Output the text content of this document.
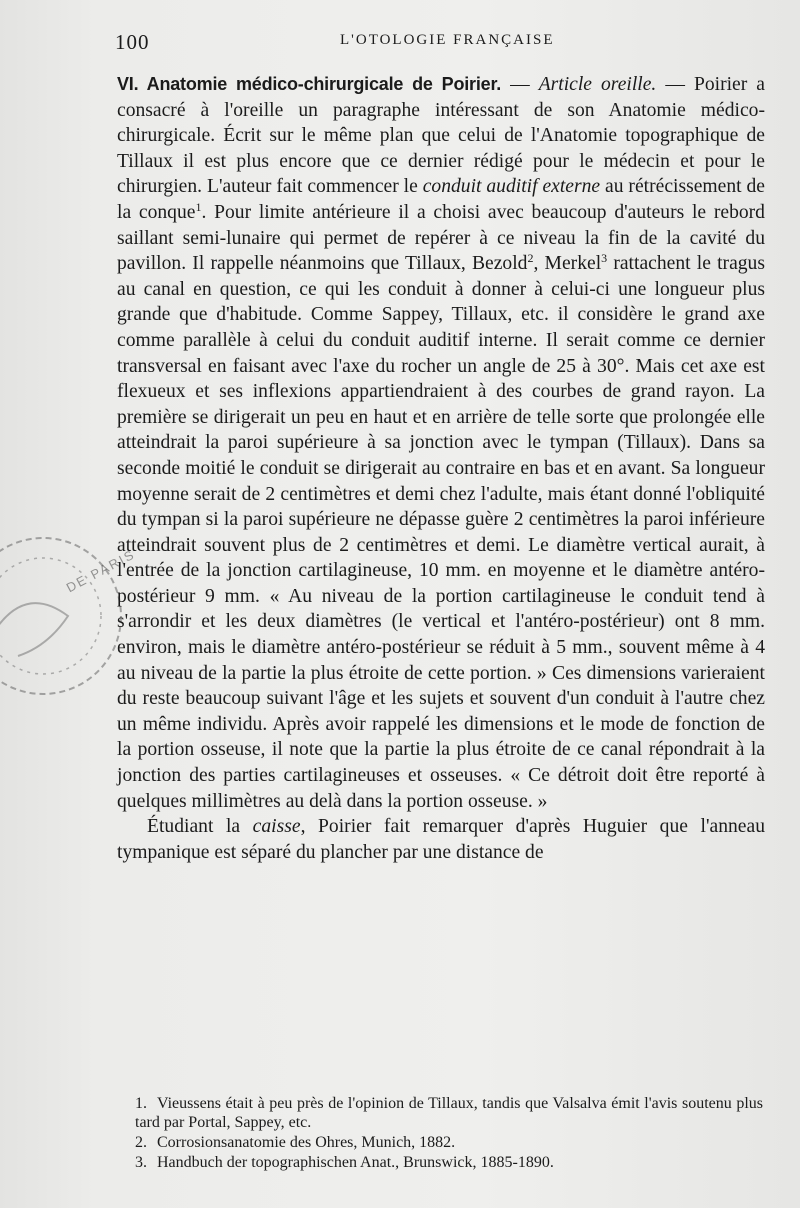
100	L'OTOLOGIE FRANÇAISE
DE PARIS

VI. Anatomie médico-chirurgicale de Poirier. — Article oreille. — Poirier a consacré à l'oreille un paragraphe intéressant de son Anatomie médico-chirurgicale. Écrit sur le même plan que celui de l'Anatomie topographique de Tillaux il est plus encore que ce dernier rédigé pour le médecin et pour le chirurgien. L'auteur fait commencer le conduit auditif externe au rétrécissement de la conque$^1$. Pour limite antérieure il a choisi avec beaucoup d'auteurs le rebord saillant semi-lunaire qui permet de repérer à ce niveau la fin de la cavité du pavillon. Il rappelle néanmoins que Tillaux, Bezold$^2$, Merkel$^3$ rattachent le tragus au canal en question, ce qui les conduit à donner à celui-ci une longueur plus grande que d'habitude. Comme Sappey, Tillaux, etc. il considère le grand axe comme parallèle à celui du conduit auditif interne. Il serait comme ce dernier transversal en faisant avec l'axe du rocher un angle de 25 à 30°. Mais cet axe est flexueux et ses inflexions appartiendraient à des courbes de grand rayon. La première se dirigerait un peu en haut et en arrière de telle sorte que prolongée elle atteindrait la paroi supérieure à sa jonction avec le tympan (Tillaux). Dans sa seconde moitié le conduit se dirigerait au contraire en bas et en avant. Sa longueur moyenne serait de 2 centimètres et demi chez l'adulte, mais étant donné l'obliquité du tympan si la paroi supérieure ne dépasse guère 2 centimètres la paroi inférieure atteindrait souvent plus de 2 centimètres et demi. Le diamètre vertical aurait, à l'entrée de la jonction cartilagineuse, 10 mm. en moyenne et le diamètre antéro-postérieur 9 mm. « Au niveau de la portion cartilagineuse le conduit tend à s'arrondir et les deux diamètres (le vertical et l'antéro-postérieur) ont 8 mm. environ, mais le diamètre antéro-postérieur se réduit à 5 mm., souvent même à 4 au niveau de la partie la plus étroite de cette portion. » Ces dimensions varieraient du reste beaucoup suivant l'âge et les sujets et souvent d'un conduit à l'autre chez un même individu. Après avoir rappelé les dimensions et le mode de fonction de la portion osseuse, il note que la partie la plus étroite de ce canal répondrait à la jonction des parties cartilagineuses et osseuses. « Ce détroit doit être reporté à quelques millimètres au delà dans la portion osseuse. »

Étudiant la caisse, Poirier fait remarquer d'après Huguier que l'anneau tympanique est séparé du plancher par une distance de

1. Vieussens était à peu près de l'opinion de Tillaux, tandis que Valsalva émit l'avis soutenu plus tard par Portal, Sappey, etc.

2. Corrosionsanatomie des Ohres, Munich, 1882.

3. Handbuch der topographischen Anat., Brunswick, 1885-1890.
